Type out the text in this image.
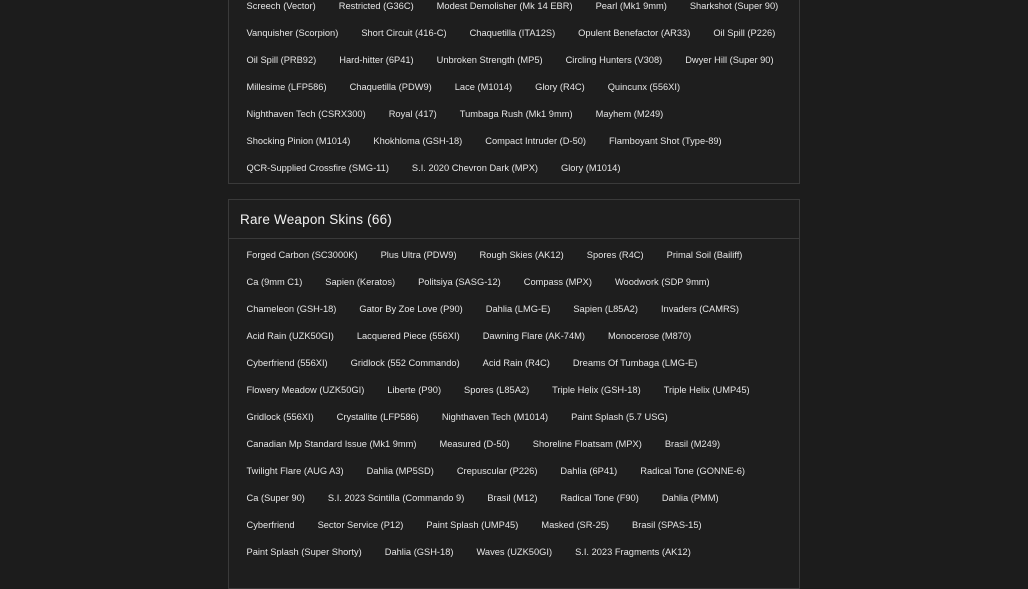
Screech (Vector)	Restricted (G36C)	Modest Demolisher (Mk 14 EBR)	Pearl (Mk1 9mm)	Sharkshot (Super 90)
Vanquisher (Scorpion)	Short Circuit (416-C)	Chaquetilla (ITA12S)	Opulent Benefactor (AR33)	Oil Spill (P226)
Oil Spill (PRB92)	Hard-hitter (6P41)	Unbroken Strength (MP5)	Circling Hunters (V308)	Dwyer Hill (Super 90)
Millesime (LFP586)	Chaquetilla (PDW9)	Lace (M1014)	Glory (R4C)	Quincunx (556XI)
Nighthaven Tech (CSRX300)	Royal (417)	Tumbaga Rush (Mk1 9mm)	Mayhem (M249)
Shocking Pinion (M1014)	Khokhloma (GSH-18)	Compact Intruder (D-50)	Flamboyant Shot (Type-89)
QCR-Supplied Crossfire (SMG-11)	S.I. 2020 Chevron Dark (MPX)	Glory (M1014)
Rare Weapon Skins (66)
Forged Carbon (SC3000K)	Plus Ultra (PDW9)	Rough Skies (AK12)	Spores (R4C)	Primal Soil (Bailiff)
Ca (9mm C1)	Sapien (Keratos)	Politsiya (SASG-12)	Compass (MPX)	Woodwork (SDP 9mm)
Chameleon (GSH-18)	Gator By Zoe Love (P90)	Dahlia (LMG-E)	Sapien (L85A2)	Invaders (CAMRS)
Acid Rain (UZK50GI)	Lacquered Piece (556XI)	Dawning Flare (AK-74M)	Monocerose (M870)
Cyberfriend (556XI)	Gridlock (552 Commando)	Acid Rain (R4C)	Dreams Of Tumbaga (LMG-E)
Flowery Meadow (UZK50GI)	Liberte (P90)	Spores (L85A2)	Triple Helix (GSH-18)	Triple Helix (UMP45)
Gridlock (556XI)	Crystallite (LFP586)	Nighthaven Tech (M1014)	Paint Splash (5.7 USG)
Canadian Mp Standard Issue (Mk1 9mm)	Measured (D-50)	Shoreline Floatsam (MPX)	Brasil (M249)
Twilight Flare (AUG A3)	Dahlia (MP5SD)	Crepuscular (P226)	Dahlia (6P41)	Radical Tone (GONNE-6)
Ca (Super 90)	S.I. 2023 Scintilla (Commando 9)	Brasil (M12)	Radical Tone (F90)	Dahlia (PMM)
Cyberfriend	Sector Service (P12)	Paint Splash (UMP45)	Masked (SR-25)	Brasil (SPAS-15)
Paint Splash (Super Shorty)	Dahlia (GSH-18)	Waves (UZK50GI)	S.I. 2023 Fragments (AK12)
